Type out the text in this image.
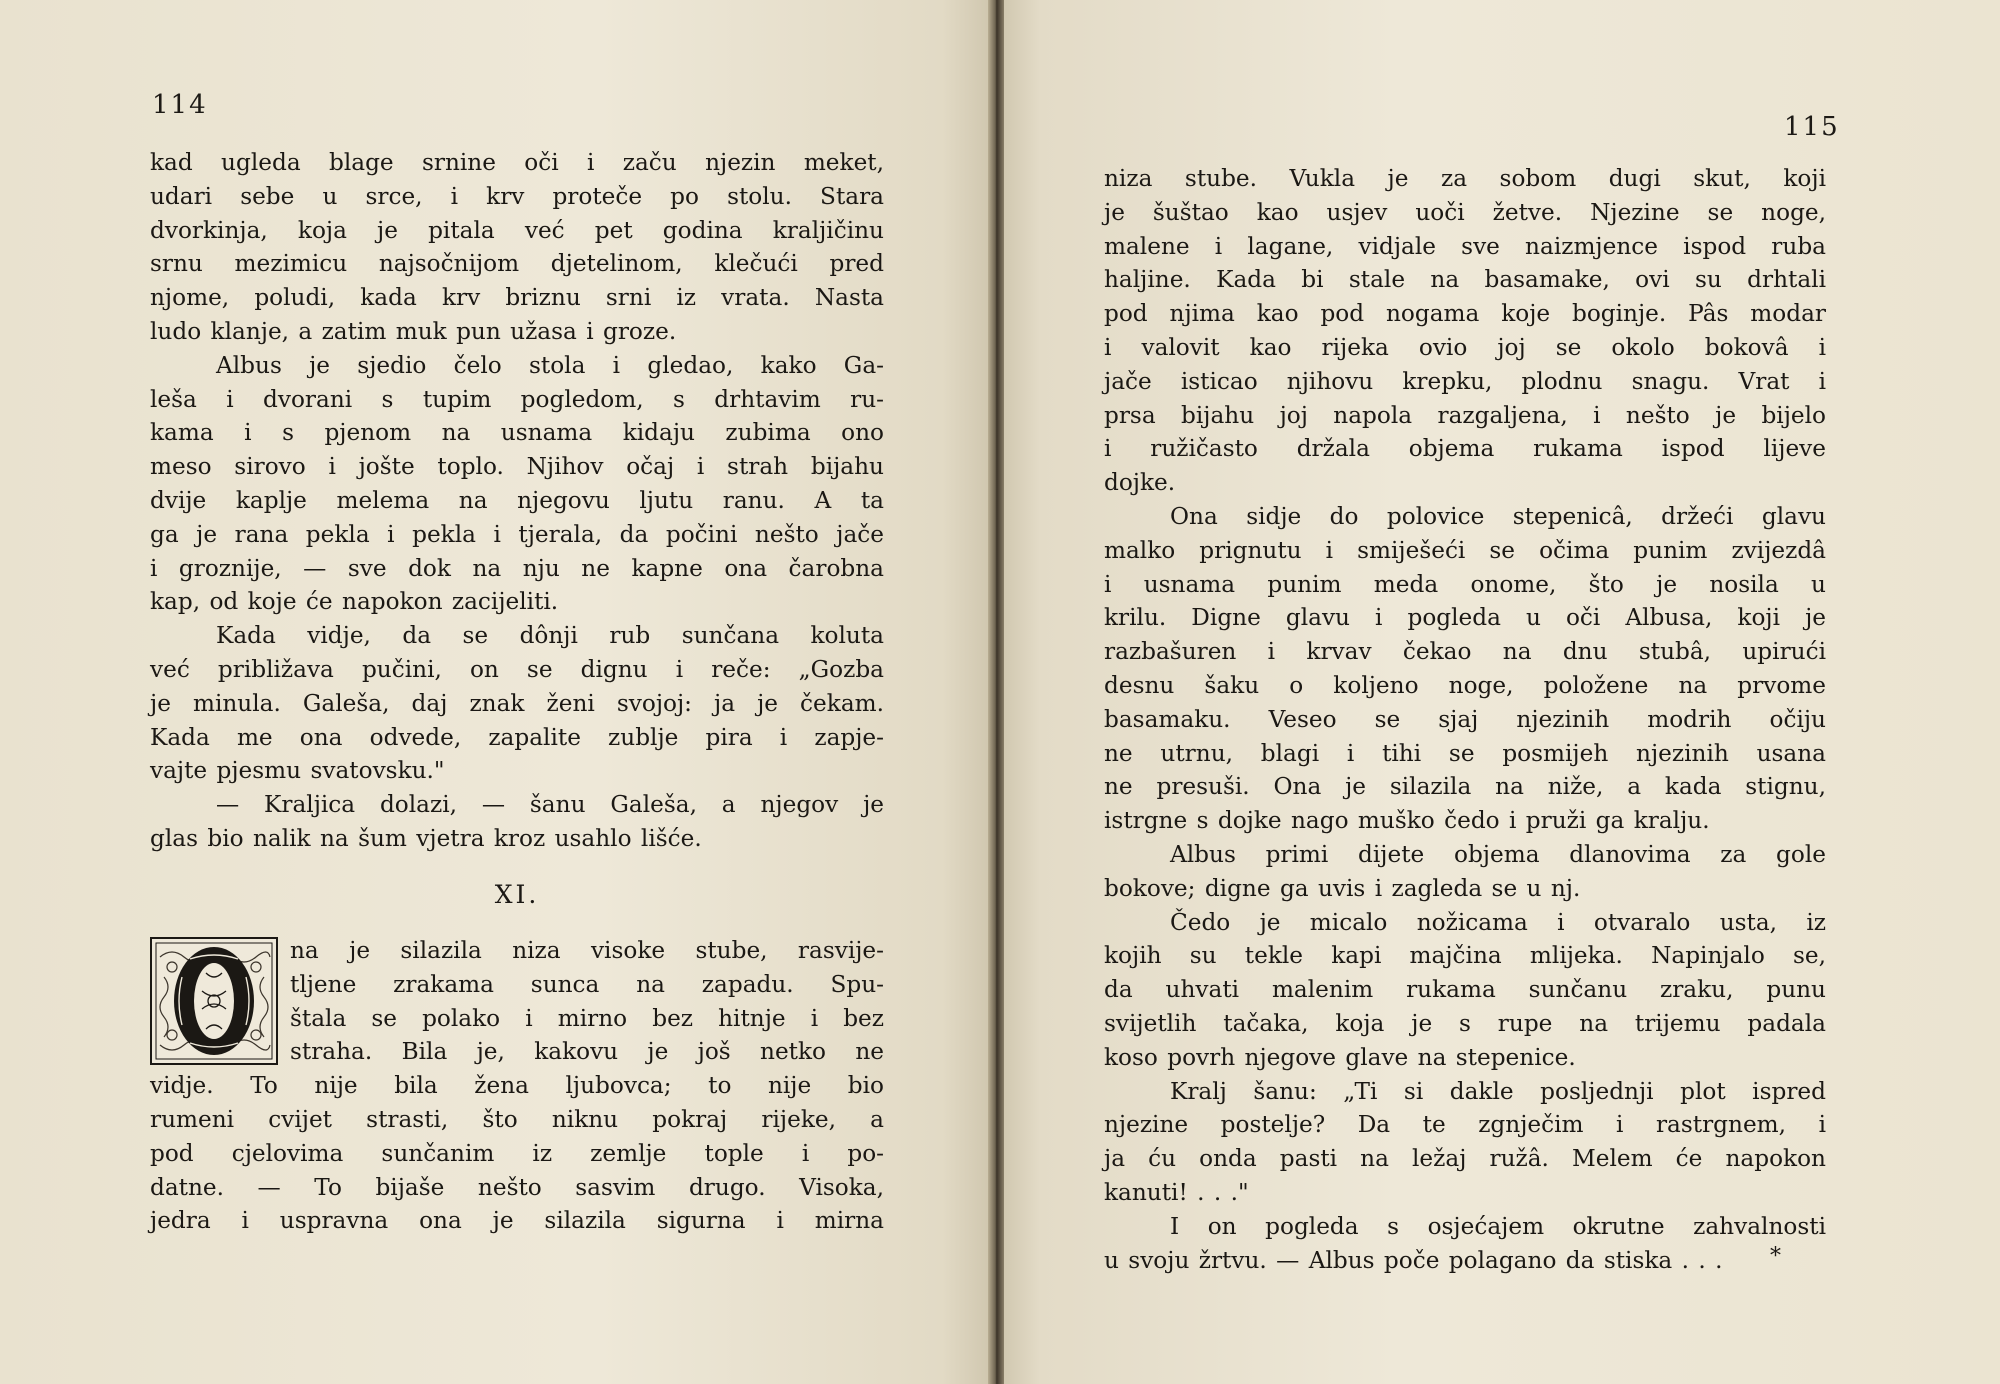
114
115

kad ugleda blage srnine oči i začu njezin meket,

udari sebe u srce, i krv proteče po stolu. Stara

dvorkinja, koja je pitala već pet godina kraljičinu

srnu mezimicu najsočnijom djetelinom, klečući pred

njome, poludi, kada krv briznu srni iz vrata. Nasta

ludo klanje, a zatim muk pun užasa i groze.

Albus je sjedio čelo stola i gledao, kako Ga-

leša i dvorani s tupim pogledom, s drhtavim ru-

kama i s pjenom na usnama kidaju zubima ono

meso sirovo i jošte toplo. Njihov očaj i strah bijahu

dvije kaplje melema na njegovu ljutu ranu. A ta

ga je rana pekla i pekla i tjerala, da počini nešto jače

i groznije, — sve dok na nju ne kapne ona čarobna

kap, od koje će napokon zacijeliti.

Kada vidje, da se dônji rub sunčana koluta

već približava pučini, on se dignu i reče: „Gozba

je minula. Galeša, daj znak ženi svojoj: ja je čekam.

Kada me ona odvede, zapalite zublje pira i zapje-

vajte pjesmu svatovsku."

— Kraljica dolazi, — šanu Galeša, a njegov je

glas bio nalik na šum vjetra kroz usahlo lišće.

XI.

na je silazila niza visoke stube, rasvije-

tljene zrakama sunca na zapadu. Spu-

štala se polako i mirno bez hitnje i bez

straha. Bila je, kakovu je još netko ne

vidje. To nije bila žena ljubovca; to nije bio

rumeni cvijet strasti, što niknu pokraj rijeke, a

pod cjelovima sunčanim iz zemlje tople i po-

datne. — To bijaše nešto sasvim drugo. Visoka,

jedra i uspravna ona je silazila sigurna i mirna

niza stube. Vukla je za sobom dugi skut, koji

je šuštao kao usjev uoči žetve. Njezine se noge,

malene i lagane, vidjale sve naizmjence ispod ruba

haljine. Kada bi stale na basamake, ovi su drhtali

pod njima kao pod nogama koje boginje. Pâs modar

i valovit kao rijeka ovio joj se okolo bokovâ i

jače isticao njihovu krepku, plodnu snagu. Vrat i

prsa bijahu joj napola razgaljena, i nešto je bijelo

i ružičasto držala objema rukama ispod lijeve

dojke.

Ona sidje do polovice stepenicâ, držeći glavu

malko prignutu i smiješeći se očima punim zvijezdâ

i usnama punim meda onome, što je nosila u

krilu. Digne glavu i pogleda u oči Albusa, koji je

razbašuren i krvav čekao na dnu stubâ, upirući

desnu šaku o koljeno noge, položene na prvome

basamaku. Veseo se sjaj njezinih modrih očiju

ne utrnu, blagi i tihi se posmijeh njezinih usana

ne presuši. Ona je silazila na niže, a kada stignu,

istrgne s dojke nago muško čedo i pruži ga kralju.

Albus primi dijete objema dlanovima za gole

bokove; digne ga uvis i zagleda se u nj.

Čedo je micalo nožicama i otvaralo usta, iz

kojih su tekle kapi majčina mlijeka. Napinjalo se,

da uhvati malenim rukama sunčanu zraku, punu

svijetlih tačaka, koja je s rupe na trijemu padala

koso povrh njegove glave na stepenice.

Kralj šanu: „Ti si dakle posljednji plot ispred

njezine postelje? Da te zgnječim i rastrgnem, i

ja ću onda pasti na ležaj ružâ. Melem će napokon

kanuti! . . ."

I on pogleda s osjećajem okrutne zahvalnosti

u svoju žrtvu. — Albus poče polagano da stiska . . .	*
